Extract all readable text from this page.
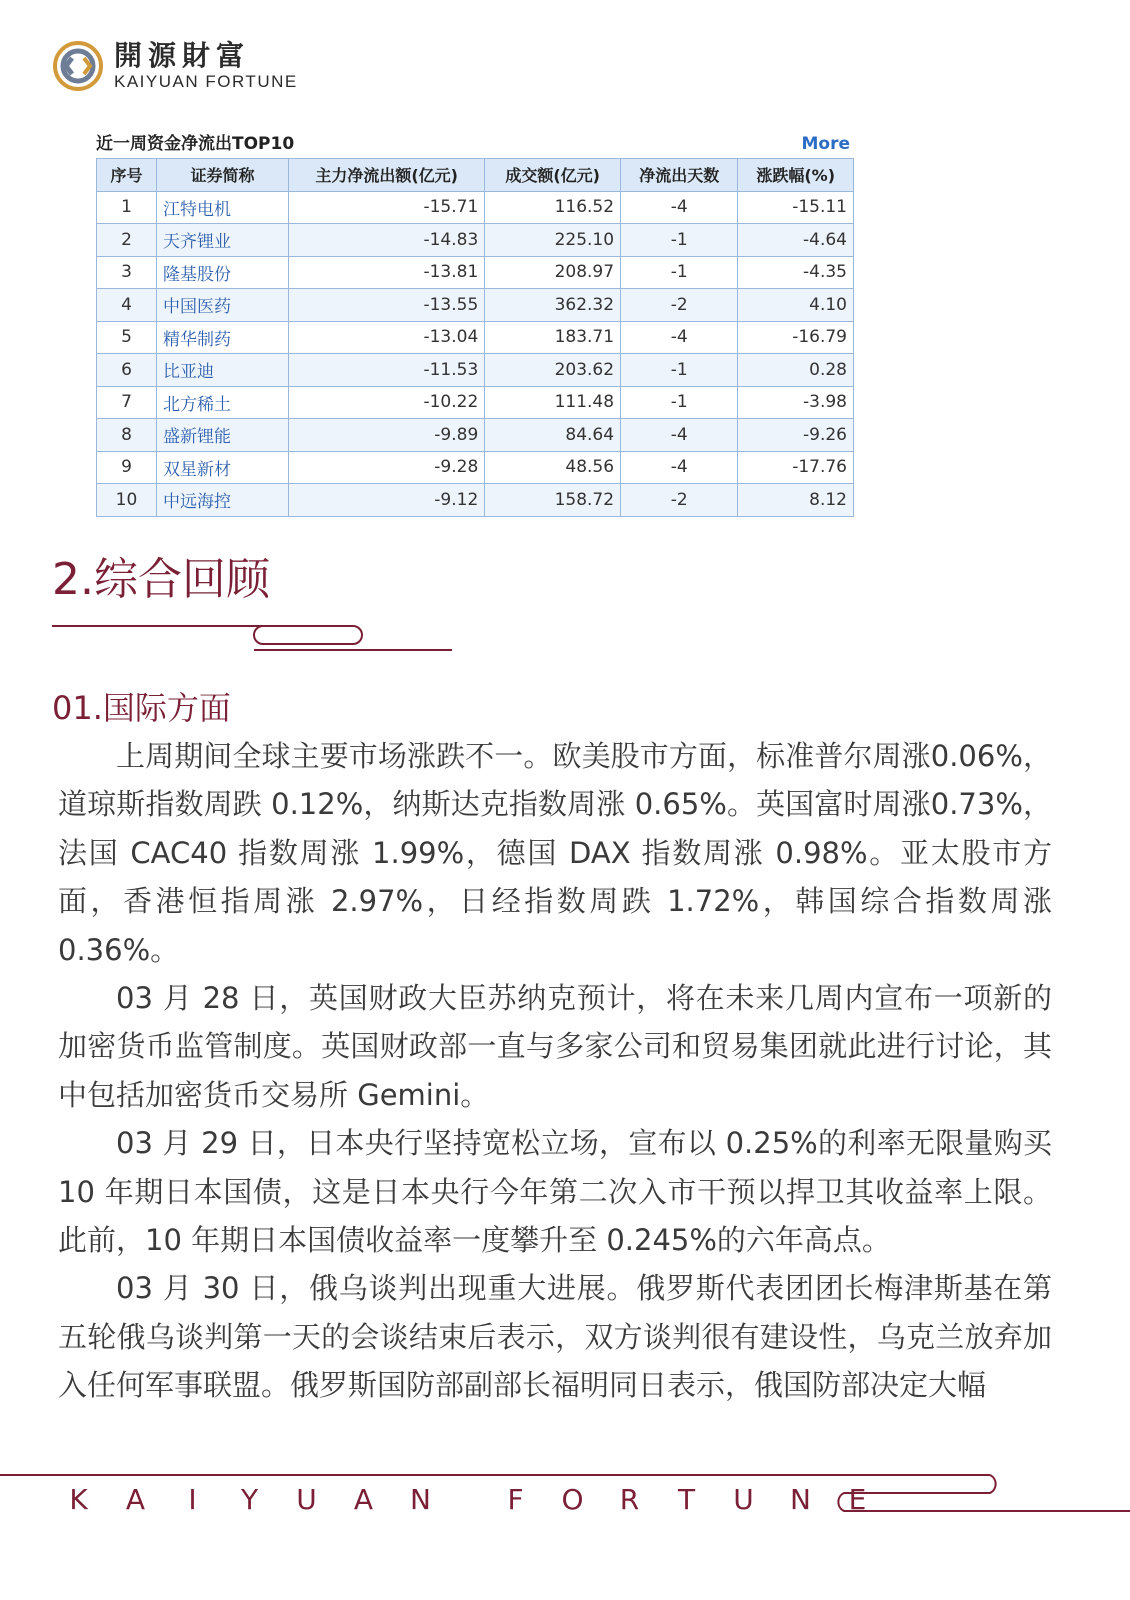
開源財富
KAIYUAN FORTUNE
近一周资金净流出TOP10	More
序号	证券简称	主力净流出额(亿元)	成交额(亿元)	净流出天数	涨跌幅(%)
1	江特电机	-15.71	116.52	-4	-15.11
2	天齐锂业	-14.83	225.10	-1	-4.64
3	隆基股份	-13.81	208.97	-1	-4.35
4	中国医药	-13.55	362.32	-2	4.10
5	精华制药	-13.04	183.71	-4	-16.79
6	比亚迪	-11.53	203.62	-1	0.28
7	北方稀土	-10.22	111.48	-1	-3.98
8	盛新锂能	-9.89	84.64	-4	-9.26
9	双星新材	-9.28	48.56	-4	-17.76
10	中远海控	-9.12	158.72	-2	8.12
2.综合回顾
01.国际方面

上周期间全球主要市场涨跌不一。欧美股市方面，标准普尔周涨0.06%，道琼斯指数周跌 0.12%，纳斯达克指数周涨 0.65%。英国富时周涨0.73%，法国 CAC40 指数周涨 1.99%，德国 DAX 指数周涨 0.98%。亚太股市方面，香港恒指周涨 2.97%，日经指数周跌 1.72%，韩国综合指数周涨0.36%。

03 月 28 日，英国财政大臣苏纳克预计，将在未来几周内宣布一项新的加密货币监管制度。英国财政部一直与多家公司和贸易集团就此进行讨论，其中包括加密货币交易所 Gemini。

03 月 29 日，日本央行坚持宽松立场，宣布以 0.25%的利率无限量购买10 年期日本国债，这是日本央行今年第二次入市干预以捍卫其收益率上限。此前，10 年期日本国债收益率一度攀升至 0.245%的六年高点。

03 月 30 日，俄乌谈判出现重大进展。俄罗斯代表团团长梅津斯基在第五轮俄乌谈判第一天的会谈结束后表示，双方谈判很有建设性，乌克兰放弃加入任何军事联盟。俄罗斯国防部副部长福明同日表示，俄国防部决定大幅

K	A	I	Y	U	A	N	F	O	R	T	U	N	E
